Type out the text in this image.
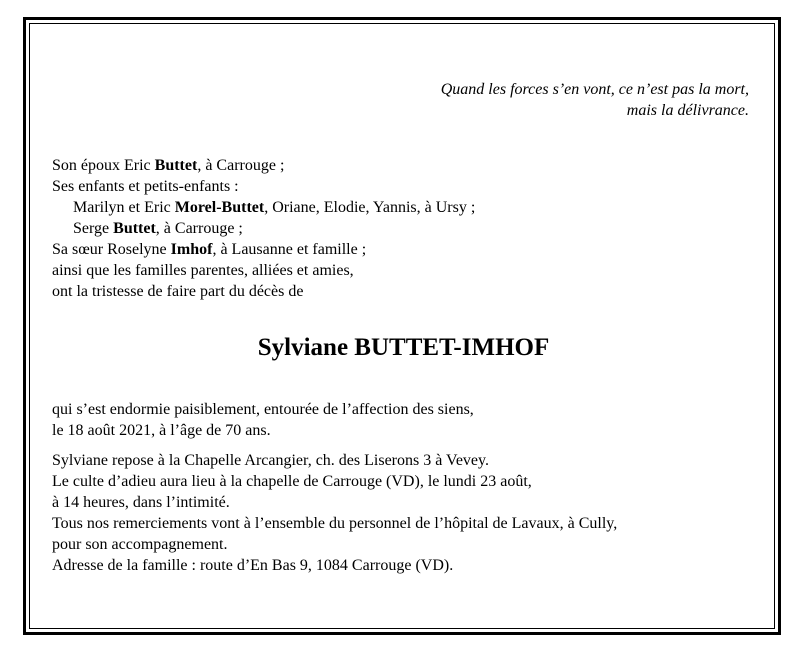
Quand les forces s’en vont, ce n’est pas la mort,
mais la délivrance.
Son époux Eric Buttet, à Carrouge ;
Ses enfants et petits-enfants :
Marilyn et Eric Morel-Buttet, Oriane, Elodie, Yannis, à Ursy ;
Serge Buttet, à Carrouge ;
Sa sœur Roselyne Imhof, à Lausanne et famille ;
ainsi que les familles parentes, alliées et amies,
ont la tristesse de faire part du décès de
Sylviane BUTTET-IMHOF
qui s’est endormie paisiblement, entourée de l’affection des siens,
le 18 août 2021, à l’âge de 70 ans.
Sylviane repose à la Chapelle Arcangier, ch. des Liserons 3 à Vevey.
Le culte d’adieu aura lieu à la chapelle de Carrouge (VD), le lundi 23 août,
à 14 heures, dans l’intimité.
Tous nos remerciements vont à l’ensemble du personnel de l’hôpital de Lavaux, à Cully,
pour son accompagnement.
Adresse de la famille : route d’En Bas 9, 1084 Carrouge (VD).
